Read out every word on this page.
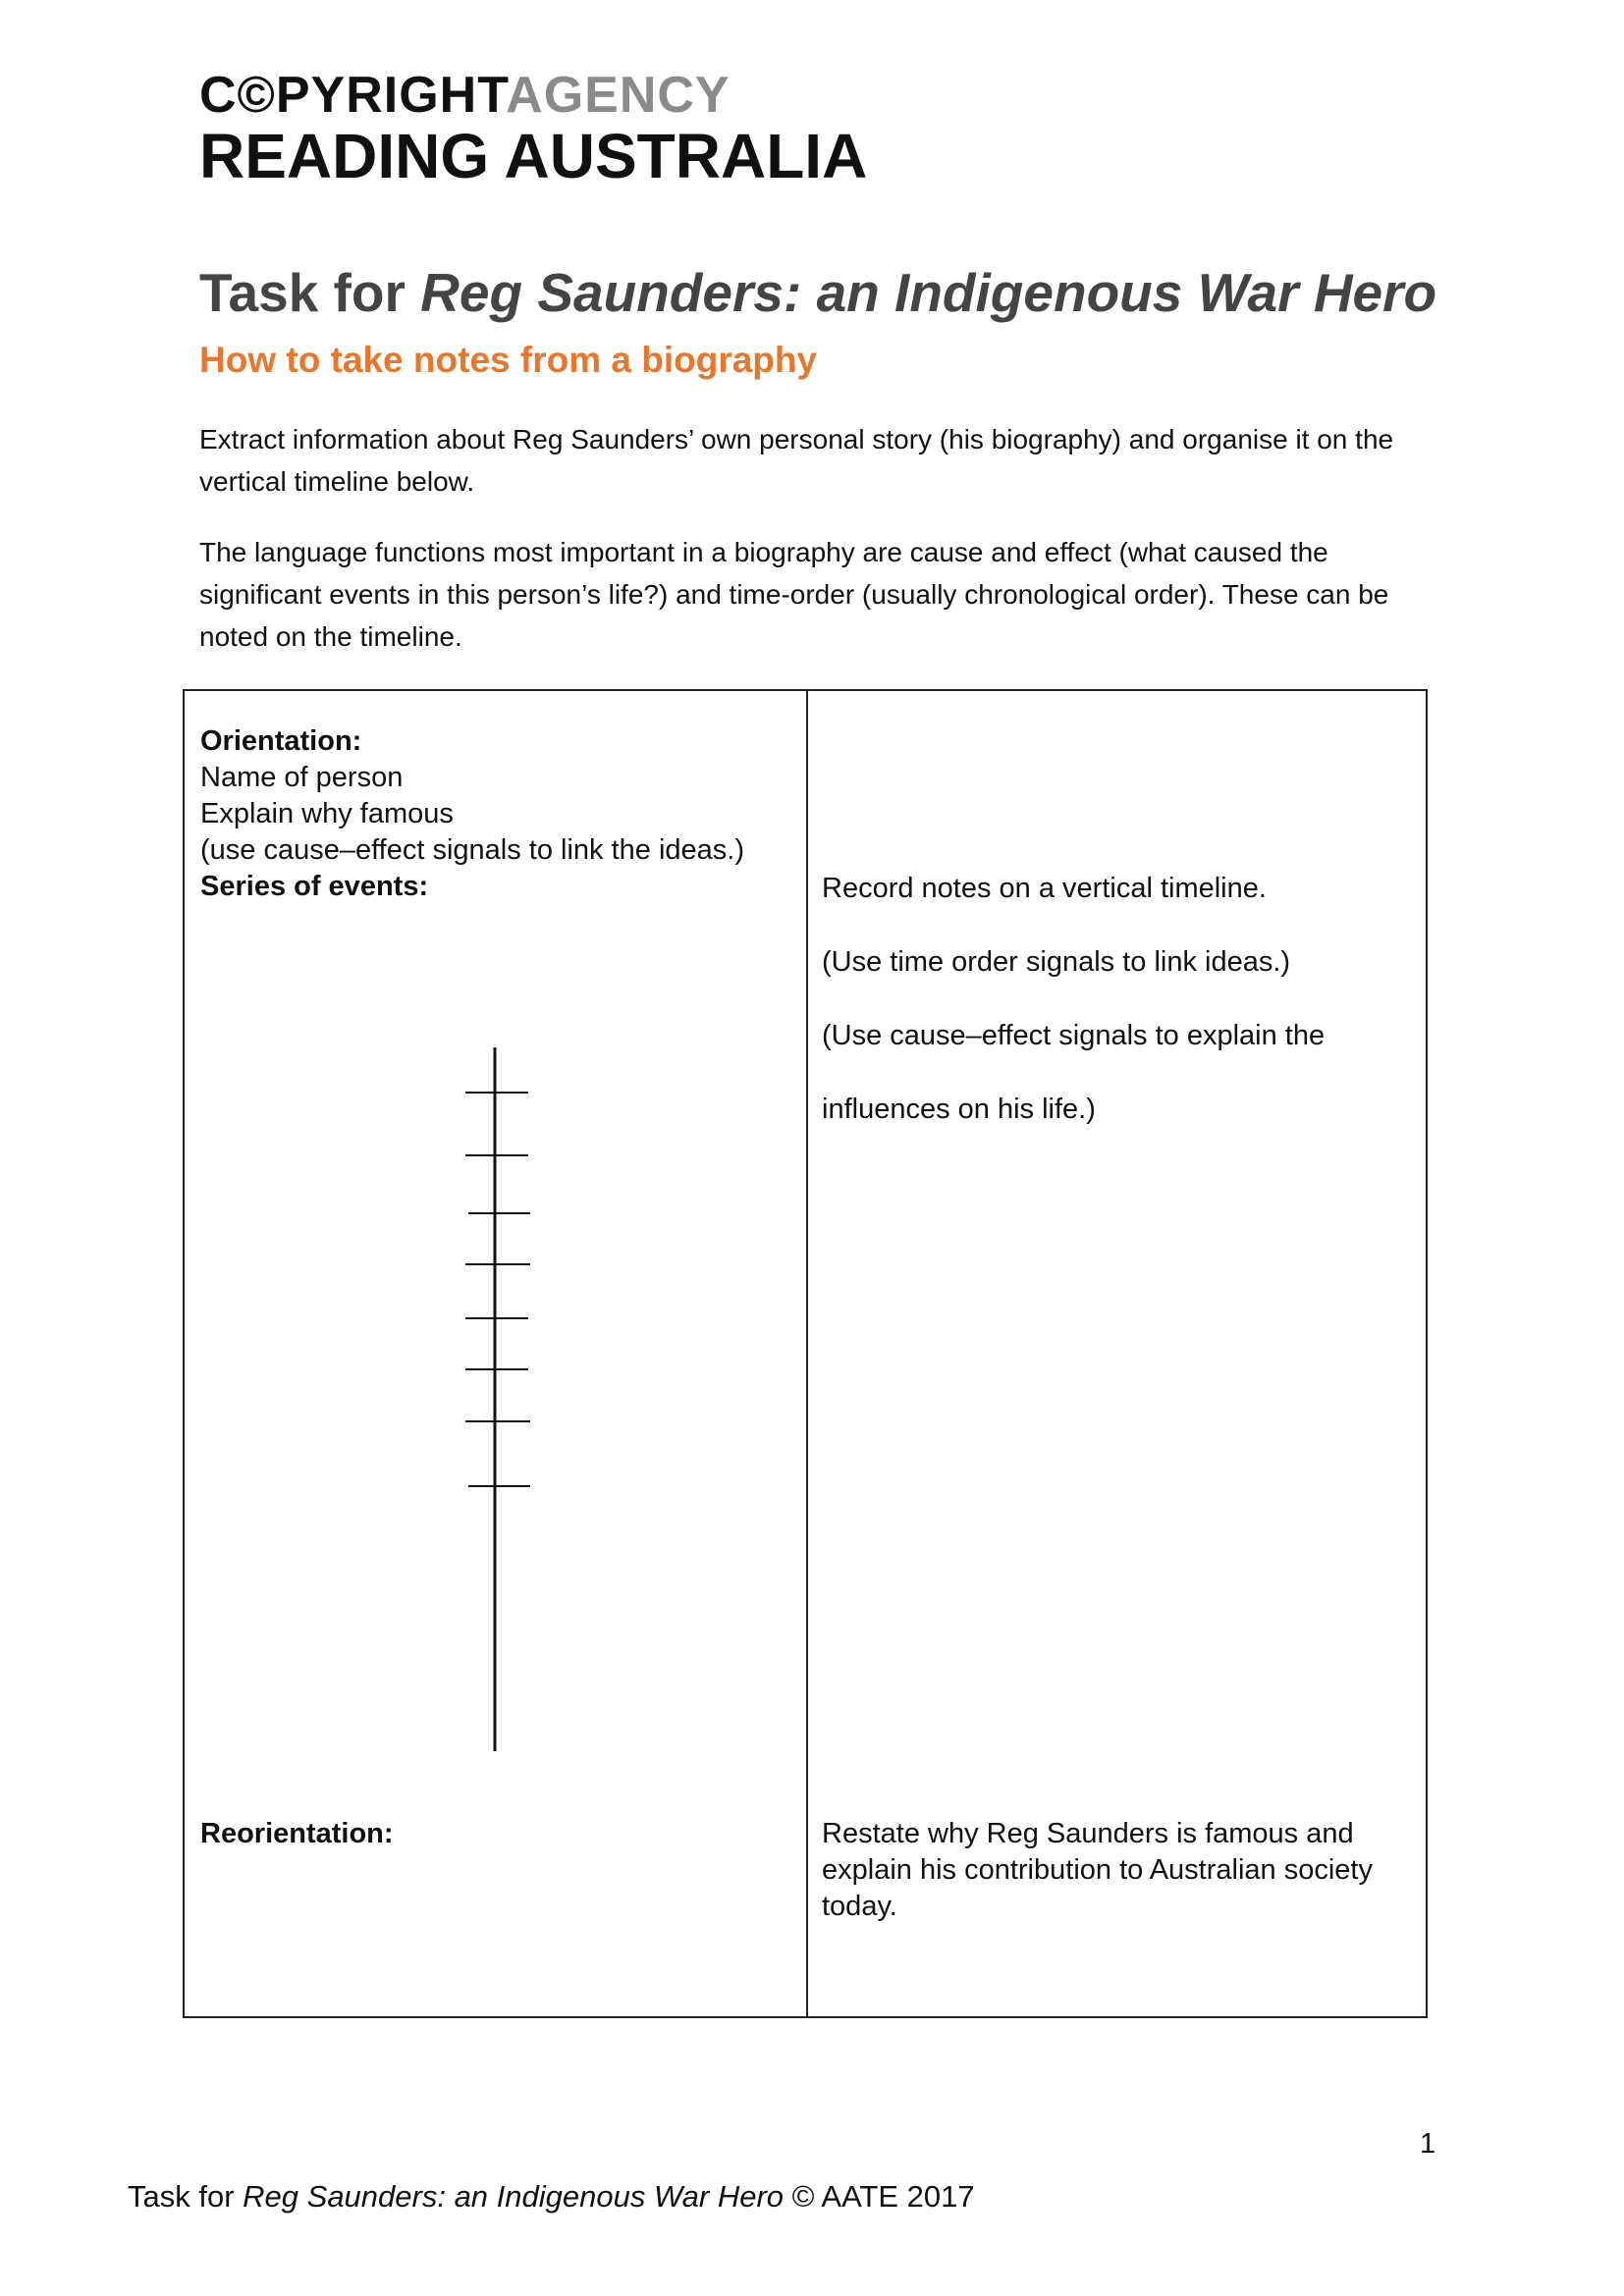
C©PYRIGHTAGENCY
READING AUSTRALIA
Task for Reg Saunders: an Indigenous War Hero
How to take notes from a biography
Extract information about Reg Saunders’ own personal story (his biography) and organise it on the vertical timeline below.
The language functions most important in a biography are cause and effect (what caused the significant events in this person’s life?) and time-order (usually chronological order). These can be noted on the timeline.
Orientation:
Name of person
Explain why famous
(use cause–effect signals to link the ideas.)
Series of events:
Reorientation:
Record notes on a vertical timeline.
(Use time order signals to link ideas.)
(Use cause–effect signals to explain the
influences on his life.)
Restate why Reg Saunders is famous and explain his contribution to Australian society today.
1
Task for Reg Saunders: an Indigenous War Hero © AATE 2017
